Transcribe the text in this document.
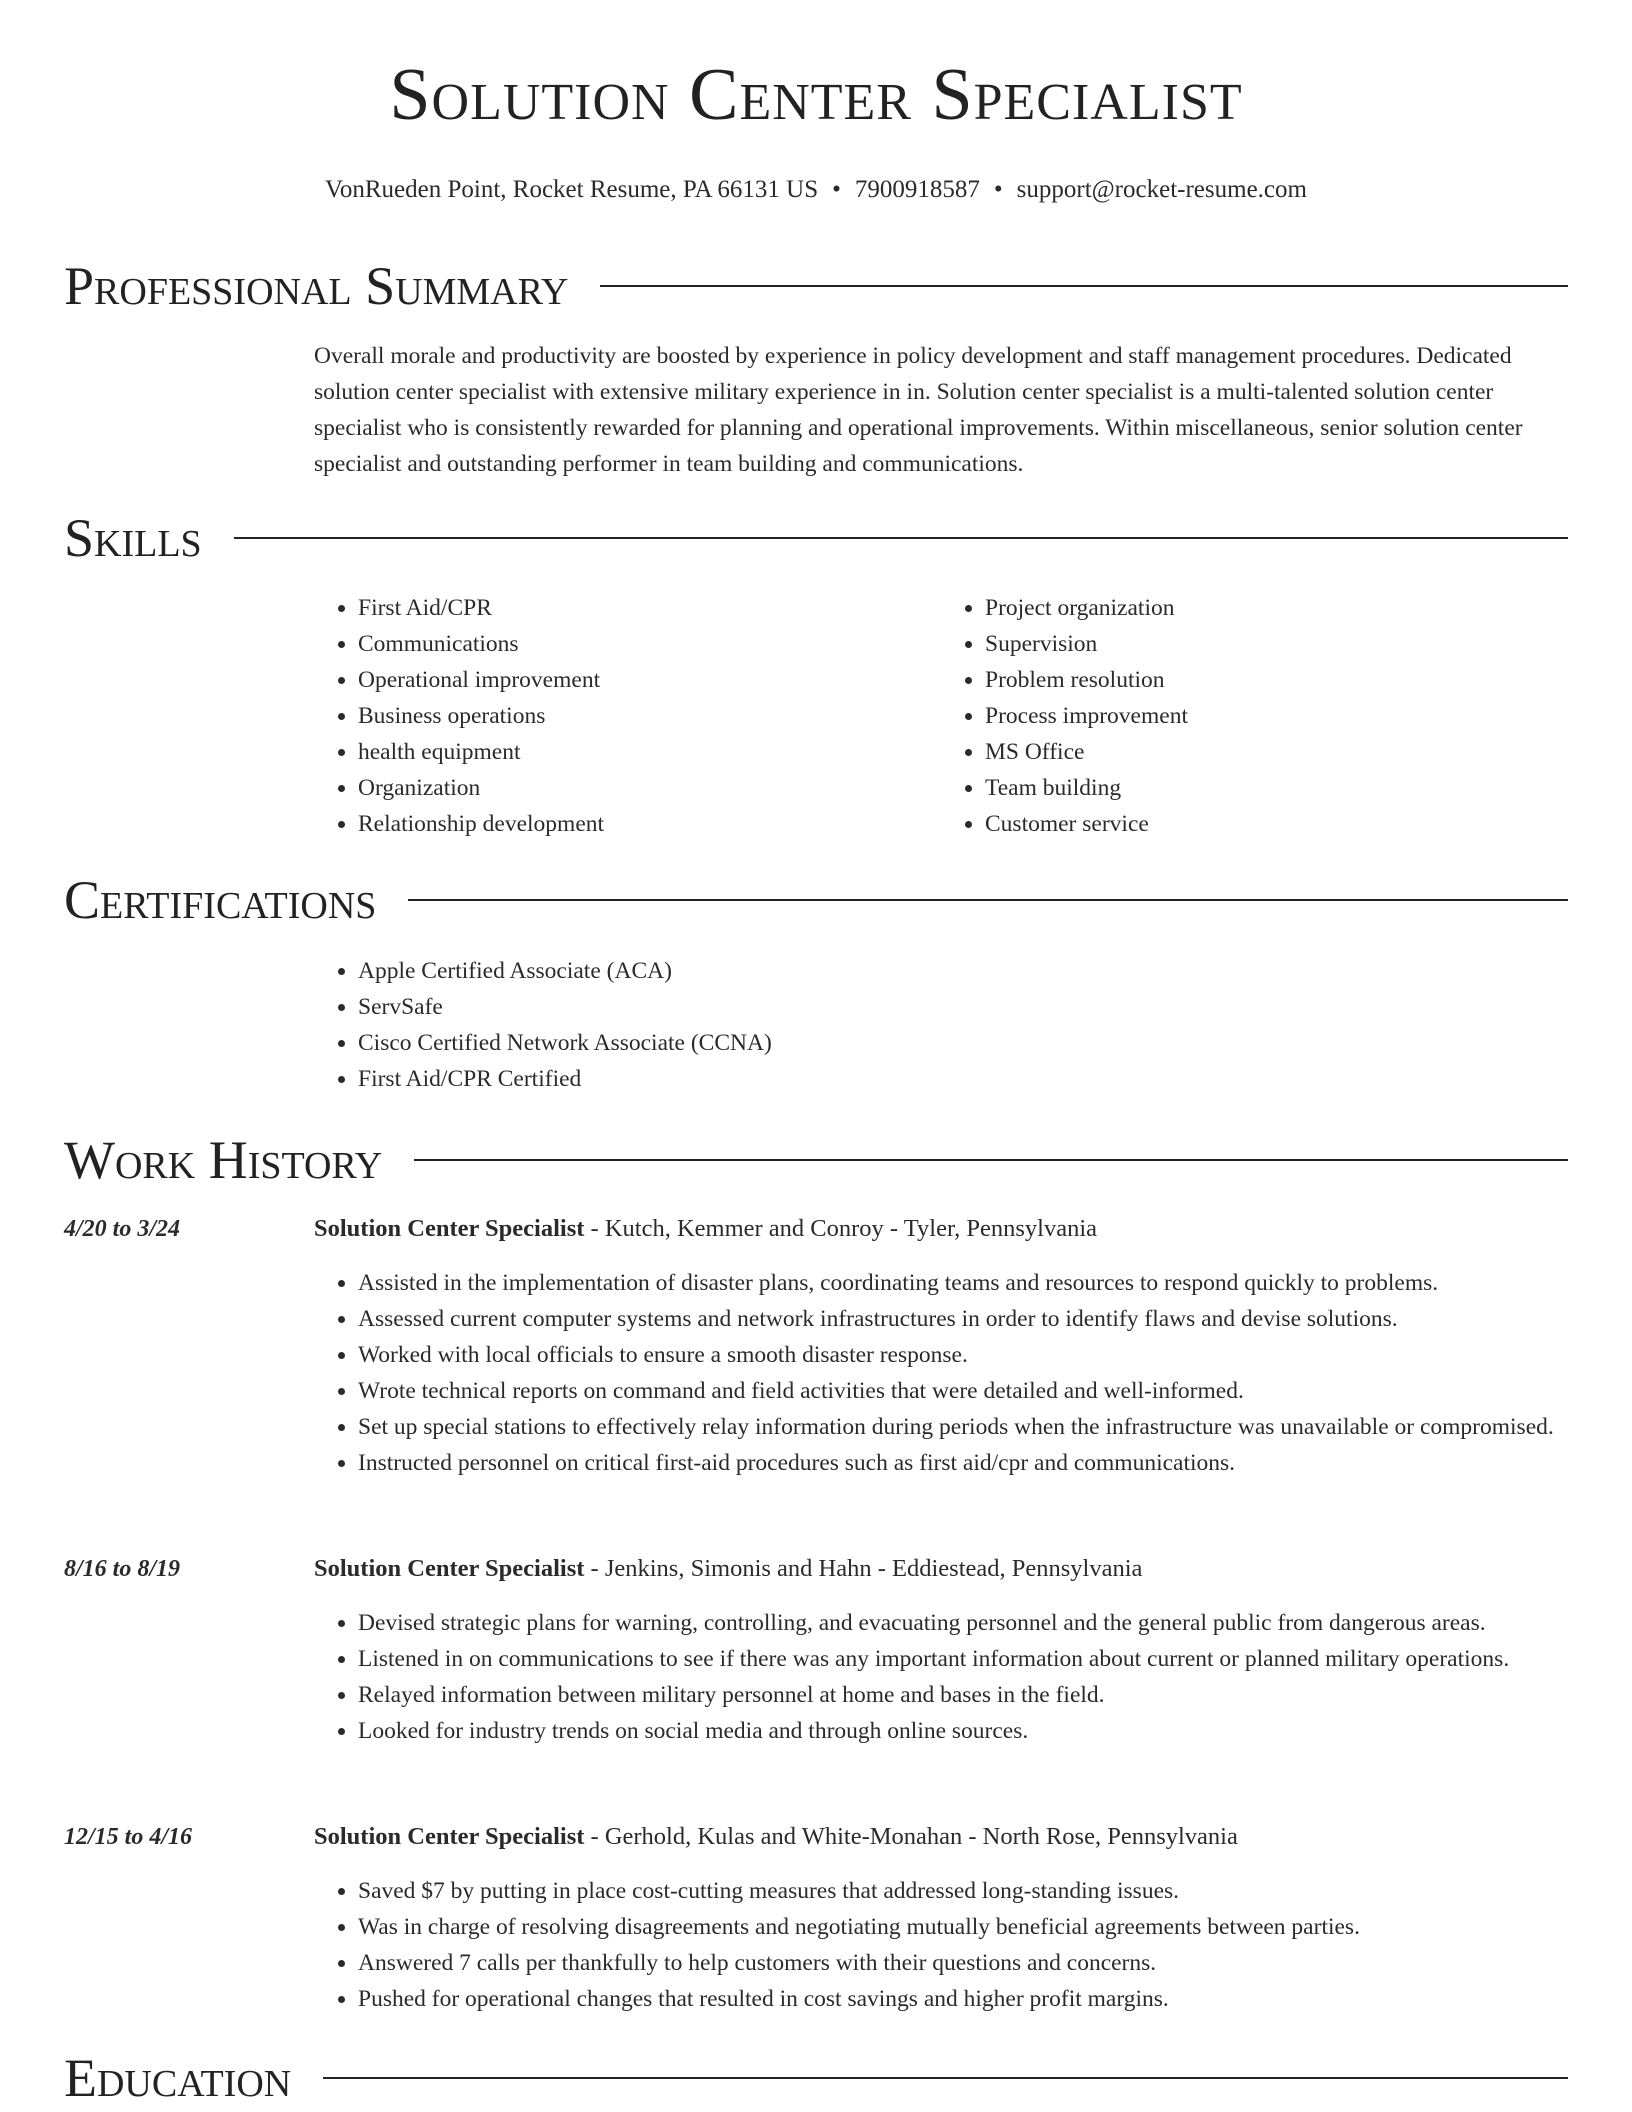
Solution Center Specialist
VonRueden Point, Rocket Resume, PA 66131 US • 7900918587 • support@rocket-resume.com
Professional Summary
Overall morale and productivity are boosted by experience in policy development and staff management procedures. Dedicated solution center specialist with extensive military experience in in. Solution center specialist is a multi-talented solution center specialist who is consistently rewarded for planning and operational improvements. Within miscellaneous, senior solution center specialist and outstanding performer in team building and communications.
Skills
• First Aid/CPR
• Communications
• Operational improvement
• Business operations
• health equipment
• Organization
• Relationship development
• Project organization
• Supervision
• Problem resolution
• Process improvement
• MS Office
• Team building
• Customer service
Certifications
• Apple Certified Associate (ACA)
• ServSafe
• Cisco Certified Network Associate (CCNA)
• First Aid/CPR Certified
Work History
4/20 to 3/24	Solution Center Specialist - Kutch, Kemmer and Conroy - Tyler, Pennsylvania
• Assisted in the implementation of disaster plans, coordinating teams and resources to respond quickly to problems.
• Assessed current computer systems and network infrastructures in order to identify flaws and devise solutions.
• Worked with local officials to ensure a smooth disaster response.
• Wrote technical reports on command and field activities that were detailed and well-informed.
• Set up special stations to effectively relay information during periods when the infrastructure was unavailable or compromised.
• Instructed personnel on critical first-aid procedures such as first aid/cpr and communications.
8/16 to 8/19	Solution Center Specialist - Jenkins, Simonis and Hahn - Eddiestead, Pennsylvania
• Devised strategic plans for warning, controlling, and evacuating personnel and the general public from dangerous areas.
• Listened in on communications to see if there was any important information about current or planned military operations.
• Relayed information between military personnel at home and bases in the field.
• Looked for industry trends on social media and through online sources.
12/15 to 4/16	Solution Center Specialist - Gerhold, Kulas and White-Monahan - North Rose, Pennsylvania
• Saved $7 by putting in place cost-cutting measures that addressed long-standing issues.
• Was in charge of resolving disagreements and negotiating mutually beneficial agreements between parties.
• Answered 7 calls per thankfully to help customers with their questions and concerns.
• Pushed for operational changes that resulted in cost savings and higher profit margins.
Education
